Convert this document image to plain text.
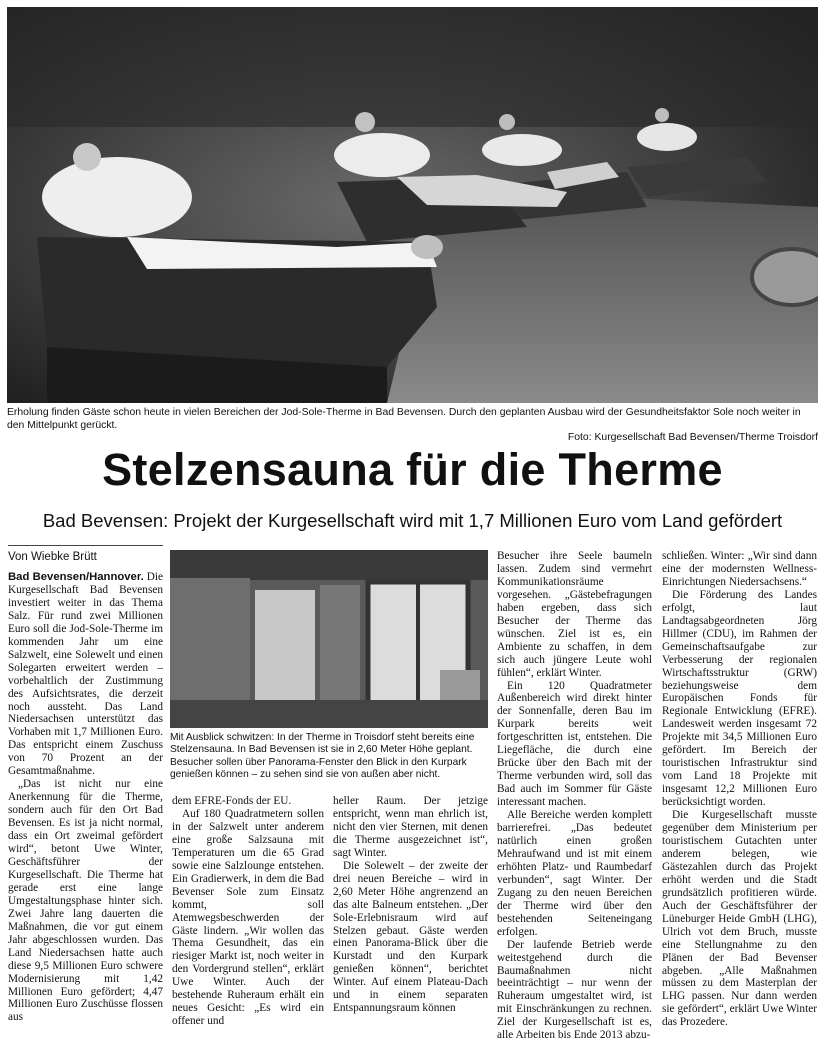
Erholung finden Gäste schon heute in vielen Bereichen der Jod-Sole-Therme in Bad Bevensen. Durch den geplanten Ausbau wird der Gesundheitsfaktor Sole noch weiter in den Mittelpunkt gerückt.

Foto: Kurgesellschaft Bad Bevensen/Therme Troisdorf
Stelzensauna für die Therme
Bad Bevensen: Projekt der Kurgesellschaft wird mit 1,7 Millionen Euro vom Land gefördert
Von Wiebke Brütt
Mit Ausblick schwitzen: In der Therme in Troisdorf steht bereits eine Stelzensauna. In Bad Bevensen ist sie in 2,60 Meter Höhe geplant. Besucher sollen über Panorama-Fenster den Blick in den Kurpark genießen können – zu sehen sind sie von außen aber nicht.

Bad Bevensen/Hannover. Die Kurgesellschaft Bad Bevensen investiert weiter in das Thema Salz. Für rund zwei Millionen Euro soll die Jod-Sole-Therme im kommenden Jahr um eine Salzwelt, eine Solewelt und einen Solegarten erweitert werden – vorbehaltlich der Zustimmung des Aufsichtsrates, die derzeit noch aussteht. Das Land Niedersachsen unterstützt das Vorhaben mit 1,7 Millionen Euro. Das entspricht einem Zuschuss von 70 Prozent an der Gesamtmaßnahme.

„Das ist nicht nur eine Anerkennung für die Therme, sondern auch für den Ort Bad Bevensen. Es ist ja nicht normal, dass ein Ort zweimal gefördert wird“, betont Uwe Winter, Geschäftsführer der Kurgesellschaft. Die Therme hat gerade erst eine lange Umgestaltungsphase hinter sich. Zwei Jahre lang dauerten die Maßnahmen, die vor gut einem Jahr abgeschlossen wurden. Das Land Niedersachsen hatte auch diese 9,5 Millionen Euro schwere Modernisierung mit 1,42 Millionen Euro gefördert; 4,47 Millionen Euro Zuschüsse flossen aus

dem EFRE-Fonds der EU.

Auf 180 Quadratmetern sollen in der Salzwelt unter anderem eine große Salzsauna mit Temperaturen um die 65 Grad sowie eine Salzlounge entstehen. Ein Gradierwerk, in dem die Bad Bevenser Sole zum Einsatz kommt, soll Atemwegsbeschwerden der Gäste lindern. „Wir wollen das Thema Gesundheit, das ein riesiger Markt ist, noch weiter in den Vordergrund stellen“, erklärt Uwe Winter. Auch der bestehende Ruheraum erhält ein neues Gesicht: „Es wird ein offener und

heller Raum. Der jetzige entspricht, wenn man ehrlich ist, nicht den vier Sternen, mit denen die Therme ausgezeichnet ist“, sagt Winter.

Die Solewelt – der zweite der drei neuen Bereiche – wird in 2,60 Meter Höhe angrenzend an das alte Balneum entstehen. „Der Sole-Erlebnisraum wird auf Stelzen gebaut. Gäste werden einen Panorama-Blick über die Kurstadt und den Kurpark genießen können“, berichtet Winter. Auf einem Plateau-Dach und in einem separaten Entspannungsraum können

Besucher ihre Seele baumeln lassen. Zudem sind vermehrt Kommunikationsräume vorgesehen. „Gästebefragungen haben ergeben, dass sich Besucher der Therme das wünschen. Ziel ist es, ein Ambiente zu schaffen, in dem sich auch jüngere Leute wohl fühlen“, erklärt Winter.

Ein 120 Quadratmeter Außenbereich wird direkt hinter der Sonnenfalle, deren Bau im Kurpark bereits weit fortgeschritten ist, entstehen. Die Liegefläche, die durch eine Brücke über den Bach mit der Therme verbunden wird, soll das Bad auch im Sommer für Gäste interessant machen.

Alle Bereiche werden komplett barrierefrei. „Das bedeutet natürlich einen großen Mehraufwand und ist mit einem erhöhten Platz- und Raumbedarf verbunden“, sagt Winter. Der Zugang zu den neuen Bereichen der Therme wird über den bestehenden Seiteneingang erfolgen.

Der laufende Betrieb werde weitestgehend durch die Baumaßnahmen nicht beeinträchtigt – nur wenn der Ruheraum umgestaltet wird, ist mit Einschränkungen zu rechnen. Ziel der Kurgesellschaft ist es, alle Arbeiten bis Ende 2013 abzu-

schließen. Winter: „Wir sind dann eine der modernsten Wellness-Einrichtungen Niedersachsens.“

Die Förderung des Landes erfolgt, laut Landtagsabgeordneten Jörg Hillmer (CDU), im Rahmen der Gemeinschaftsaufgabe zur Verbesserung der regionalen Wirtschaftsstruktur (GRW) beziehungsweise dem Europäischen Fonds für Regionale Entwicklung (EFRE). Landesweit werden insgesamt 72 Projekte mit 34,5 Millionen Euro gefördert. Im Bereich der touristischen Infrastruktur sind vom Land 18 Projekte mit insgesamt 12,2 Millionen Euro berücksichtigt worden.

Die Kurgesellschaft musste gegenüber dem Ministerium per touristischem Gutachten unter anderem belegen, wie Gästezahlen durch das Projekt erhöht werden und die Stadt grundsätzlich profitieren würde. Auch der Geschäftsführer der Lüneburger Heide GmbH (LHG), Ulrich vot dem Bruch, musste eine Stellungnahme zu den Plänen der Bad Bevenser abgeben. „Alle Maßnahmen müssen zu dem Masterplan der LHG passen. Nur dann werden sie gefördert“, erklärt Uwe Winter das Prozedere.
